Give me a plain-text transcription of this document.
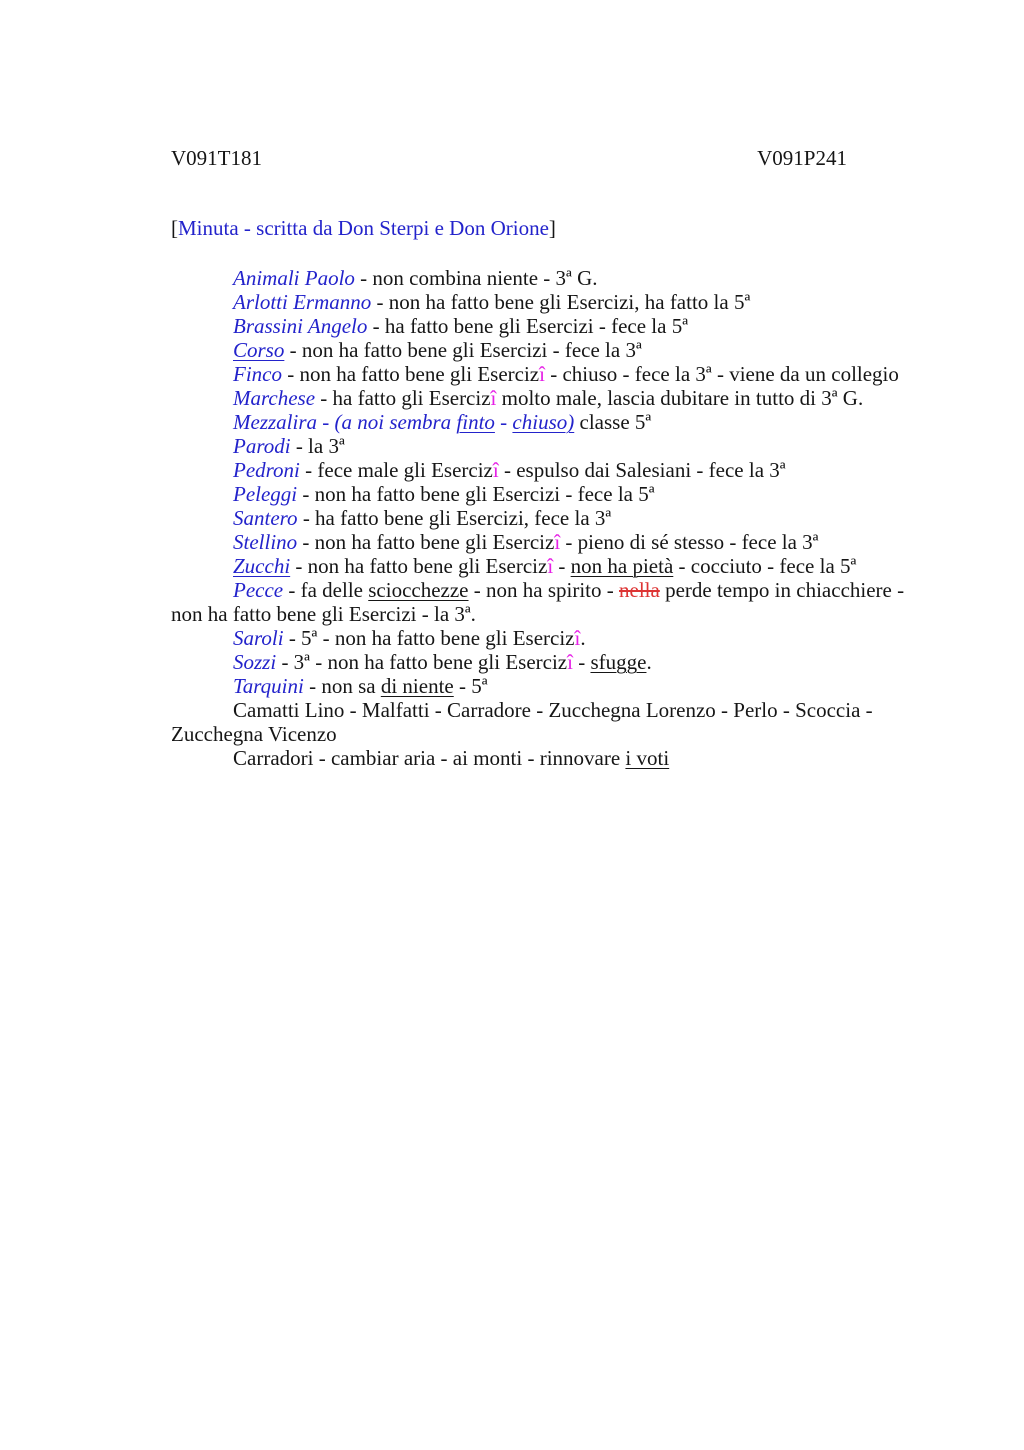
V091T181	V091P241
[Minuta - scritta da Don Sterpi e Don Orione]
Animali Paolo - non combina niente - 3ª G.
Arlotti Ermanno - non ha fatto bene gli Esercizi, ha fatto la 5ª
Brassini Angelo - ha fatto bene gli Esercizi - fece la 5ª
Corso - non ha fatto bene gli Esercizi - fece la 3ª
Finco - non ha fatto bene gli Esercizî - chiuso - fece la 3ª - viene da un collegio
Marchese - ha fatto gli Esercizî molto male, lascia dubitare in tutto di 3ª G.
Mezzalira - (a noi sembra finto - chiuso) classe 5ª
Parodi - la 3ª
Pedroni - fece male gli Esercizî - espulso dai Salesiani - fece la 3ª
Peleggi - non ha fatto bene gli Esercizi - fece la 5ª
Santero - ha fatto bene gli Esercizi, fece la 3ª
Stellino - non ha fatto bene gli Esercizî - pieno di sé stesso - fece la 3ª
Zucchi - non ha fatto bene gli Esercizî - non ha pietà - cocciuto - fece la 5ª
Pecce - fa delle sciocchezze - non ha spirito - nella perde tempo in chiacchiere -
non ha fatto bene gli Esercizi - la 3ª.
Saroli - 5ª - non ha fatto bene gli Esercizî.
Sozzi - 3ª - non ha fatto bene gli Esercizî - sfugge.
Tarquini - non sa di niente - 5ª
Camatti Lino - Malfatti - Carradore - Zucchegna Lorenzo - Perlo - Scoccia -
Zucchegna Vicenzo
Carradori - cambiar aria - ai monti - rinnovare i voti
